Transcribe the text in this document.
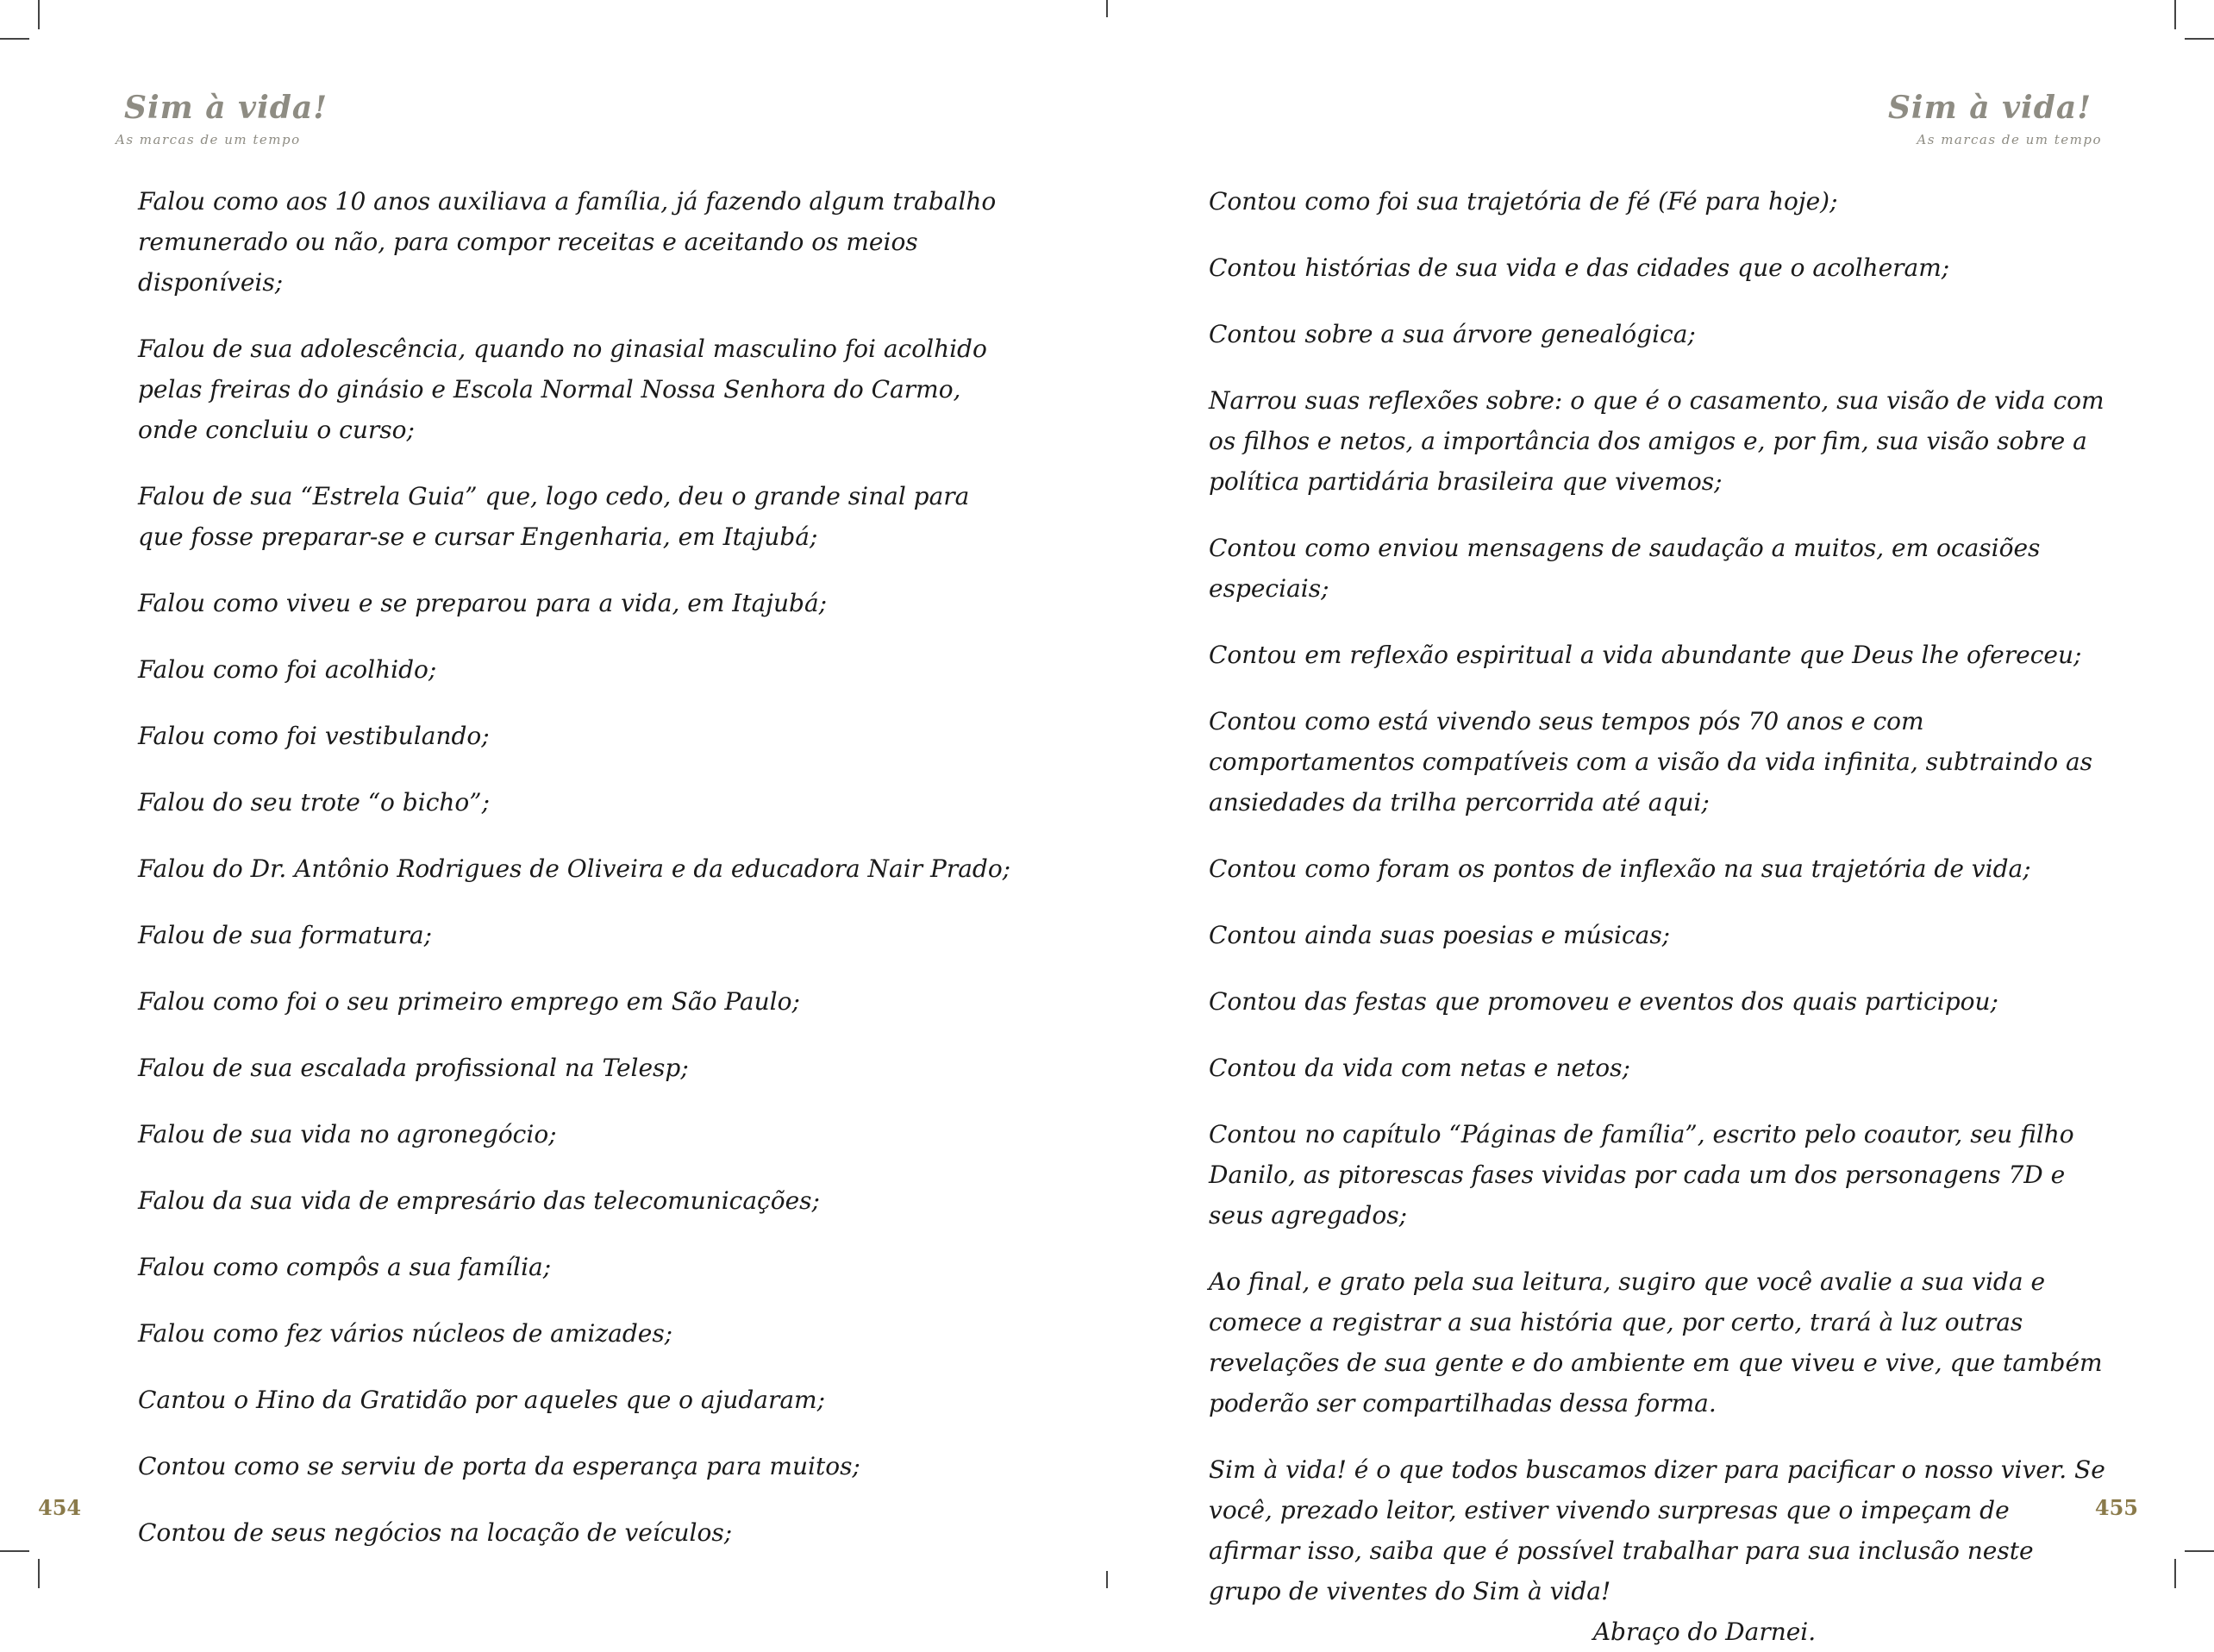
Sim à vida!
As marcas de um tempo

Falou como aos 10 anos auxiliava a família, já fazendo algum trabalho remunerado ou não, para compor receitas e aceitando os meios disponíveis;

Falou de sua adolescência, quando no ginasial masculino foi acolhido pelas freiras do ginásio e Escola Normal Nossa Senhora do Carmo, onde concluiu o curso;

Falou de sua “Estrela Guia” que, logo cedo, deu o grande sinal para que fosse preparar-se e cursar Engenharia, em Itajubá;

Falou como viveu e se preparou para a vida, em Itajubá;

Falou como foi acolhido;

Falou como foi vestibulando;

Falou do seu trote “o bicho”;

Falou do Dr. Antônio Rodrigues de Oliveira e da educadora Nair Prado;

Falou de sua formatura;

Falou como foi o seu primeiro emprego em São Paulo;

Falou de sua escalada profissional na Telesp;

Falou de sua vida no agronegócio;

Falou da sua vida de empresário das telecomunicações;

Falou como compôs a sua família;

Falou como fez vários núcleos de amizades;

Cantou o Hino da Gratidão por aqueles que o ajudaram;

Contou como se serviu de porta da esperança para muitos;

Contou de seus negócios na locação de veículos;

454
Sim à vida!
As marcas de um tempo

Contou como foi sua trajetória de fé (Fé para hoje);

Contou histórias de sua vida e das cidades que o acolheram;

Contou sobre a sua árvore genealógica;

Narrou suas reflexões sobre: o que é o casamento, sua visão de vida com os filhos e netos, a importância dos amigos e, por fim, sua visão sobre a política partidária brasileira que vivemos;

Contou como enviou mensagens de saudação a muitos, em ocasiões especiais;

Contou em reflexão espiritual a vida abundante que Deus lhe ofereceu;

Contou como está vivendo seus tempos pós 70 anos e com comportamentos compatíveis com a visão da vida infinita, subtraindo as ansiedades da trilha percorrida até aqui;

Contou como foram os pontos de inflexão na sua trajetória de vida;

Contou ainda suas poesias e músicas;

Contou das festas que promoveu e eventos dos quais participou;

Contou da vida com netas e netos;

Contou no capítulo “Páginas de família”, escrito pelo coautor, seu filho Danilo, as pitorescas fases vividas por cada um dos personagens 7D e seus agregados;

Ao final, e grato pela sua leitura, sugiro que você avalie a sua vida e comece a registrar a sua história que, por certo, trará à luz outras revelações de sua gente e do ambiente em que viveu e vive, que também poderão ser compartilhadas dessa forma.

Sim à vida! é o que todos buscamos dizer para pacificar o nosso viver. Se você, prezado leitor, estiver vivendo surpresas que o impeçam de afirmar isso, saiba que é possível trabalhar para sua inclusão neste grupo de viventes do Sim à vida!

Abraço do Darnei.
455
